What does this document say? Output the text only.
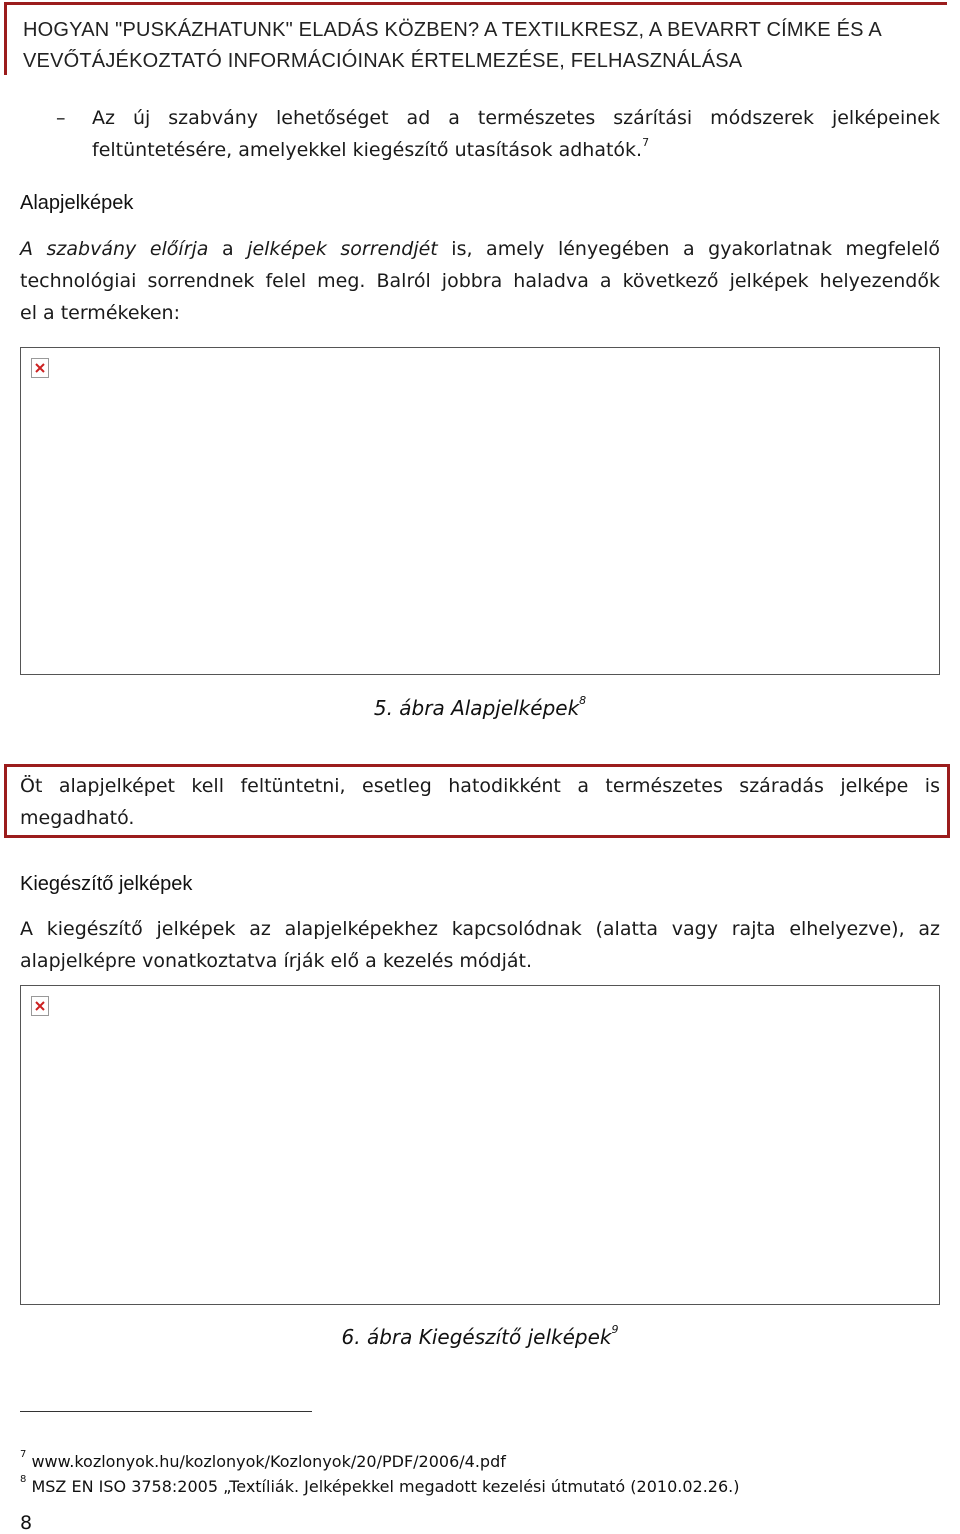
HOGYAN "PUSKÁZHATUNK" ELADÁS KÖZBEN? A TEXTILKRESZ, A BEVARRT CÍMKE ÉS A
VEVŐTÁJÉKOZTATÓ INFORMÁCIÓINAK ÉRTELMEZÉSE, FELHASZNÁLÁSA
– Az új szabvány lehetőséget ad a természetes szárítási módszerek jelképeinek
feltüntetésére, amelyekkel kiegészítő utasítások adhatók.$^7$
Alapjelképek
A szabvány előírja a jelképek sorrendjét is, amely lényegében a gyakorlatnak megfelelő
technológiai sorrendnek felel meg. Balról jobbra haladva a következő jelképek helyezendők
el a termékeken:
5. ábra Alapjelképek$^8$
Öt alapjelképet kell feltüntetni, esetleg hatodikként a természetes száradás jelképe is
megadható.
Kiegészítő jelképek
A kiegészítő jelképek az alapjelképekhez kapcsolódnak (alatta vagy rajta elhelyezve), az
alapjelképre vonatkoztatva írják elő a kezelés módját.
6. ábra Kiegészítő jelképek$^9$
$^7$ www.kozlonyok.hu/kozlonyok/Kozlonyok/20/PDF/2006/4.pdf
$^8$ MSZ EN ISO 3758:2005 „Textíliák. Jelképekkel megadott kezelési útmutató (2010.02.26.)
8
